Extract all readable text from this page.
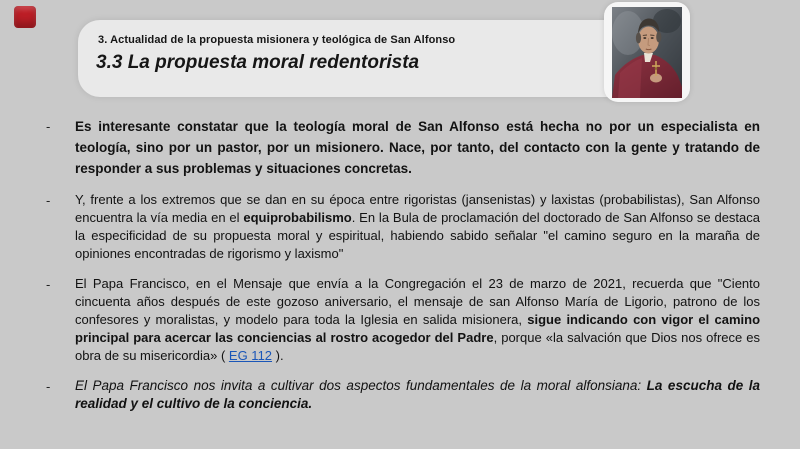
3. Actualidad de la propuesta misionera y teológica de San Alfonso
3.3 La propuesta moral redentorista
-	Es interesante constatar que la teología moral de San Alfonso está hecha no por un especialista en teología, sino por un pastor, por un misionero. Nace, por tanto, del contacto con la gente y tratando de responder a sus problemas y situaciones concretas.
-	Y, frente a los extremos que se dan en su época entre rigoristas (jansenistas) y laxistas (probabilistas), San Alfonso encuentra la vía media en el equiprobabilismo. En la Bula de proclamación del doctorado de San Alfonso se destaca la especificidad de su propuesta moral y espiritual, habiendo sabido señalar "el camino seguro en la maraña de opiniones encontradas de rigorismo y laxismo"
-	El Papa Francisco, en el Mensaje que envía a la Congregación el 23 de marzo de 2021, recuerda que "Ciento cincuenta años después de este gozoso aniversario, el mensaje de san Alfonso María de Ligorio, patrono de los confesores y moralistas, y modelo para toda la Iglesia en salida misionera, sigue indicando con vigor el camino principal para acercar las conciencias al rostro acogedor del Padre, porque «la salvación que Dios nos ofrece es obra de su misericordia» ( EG 112 ).
-	El Papa Francisco nos invita a cultivar dos aspectos fundamentales de la moral alfonsiana: La escucha de la realidad y el cultivo de la conciencia.
